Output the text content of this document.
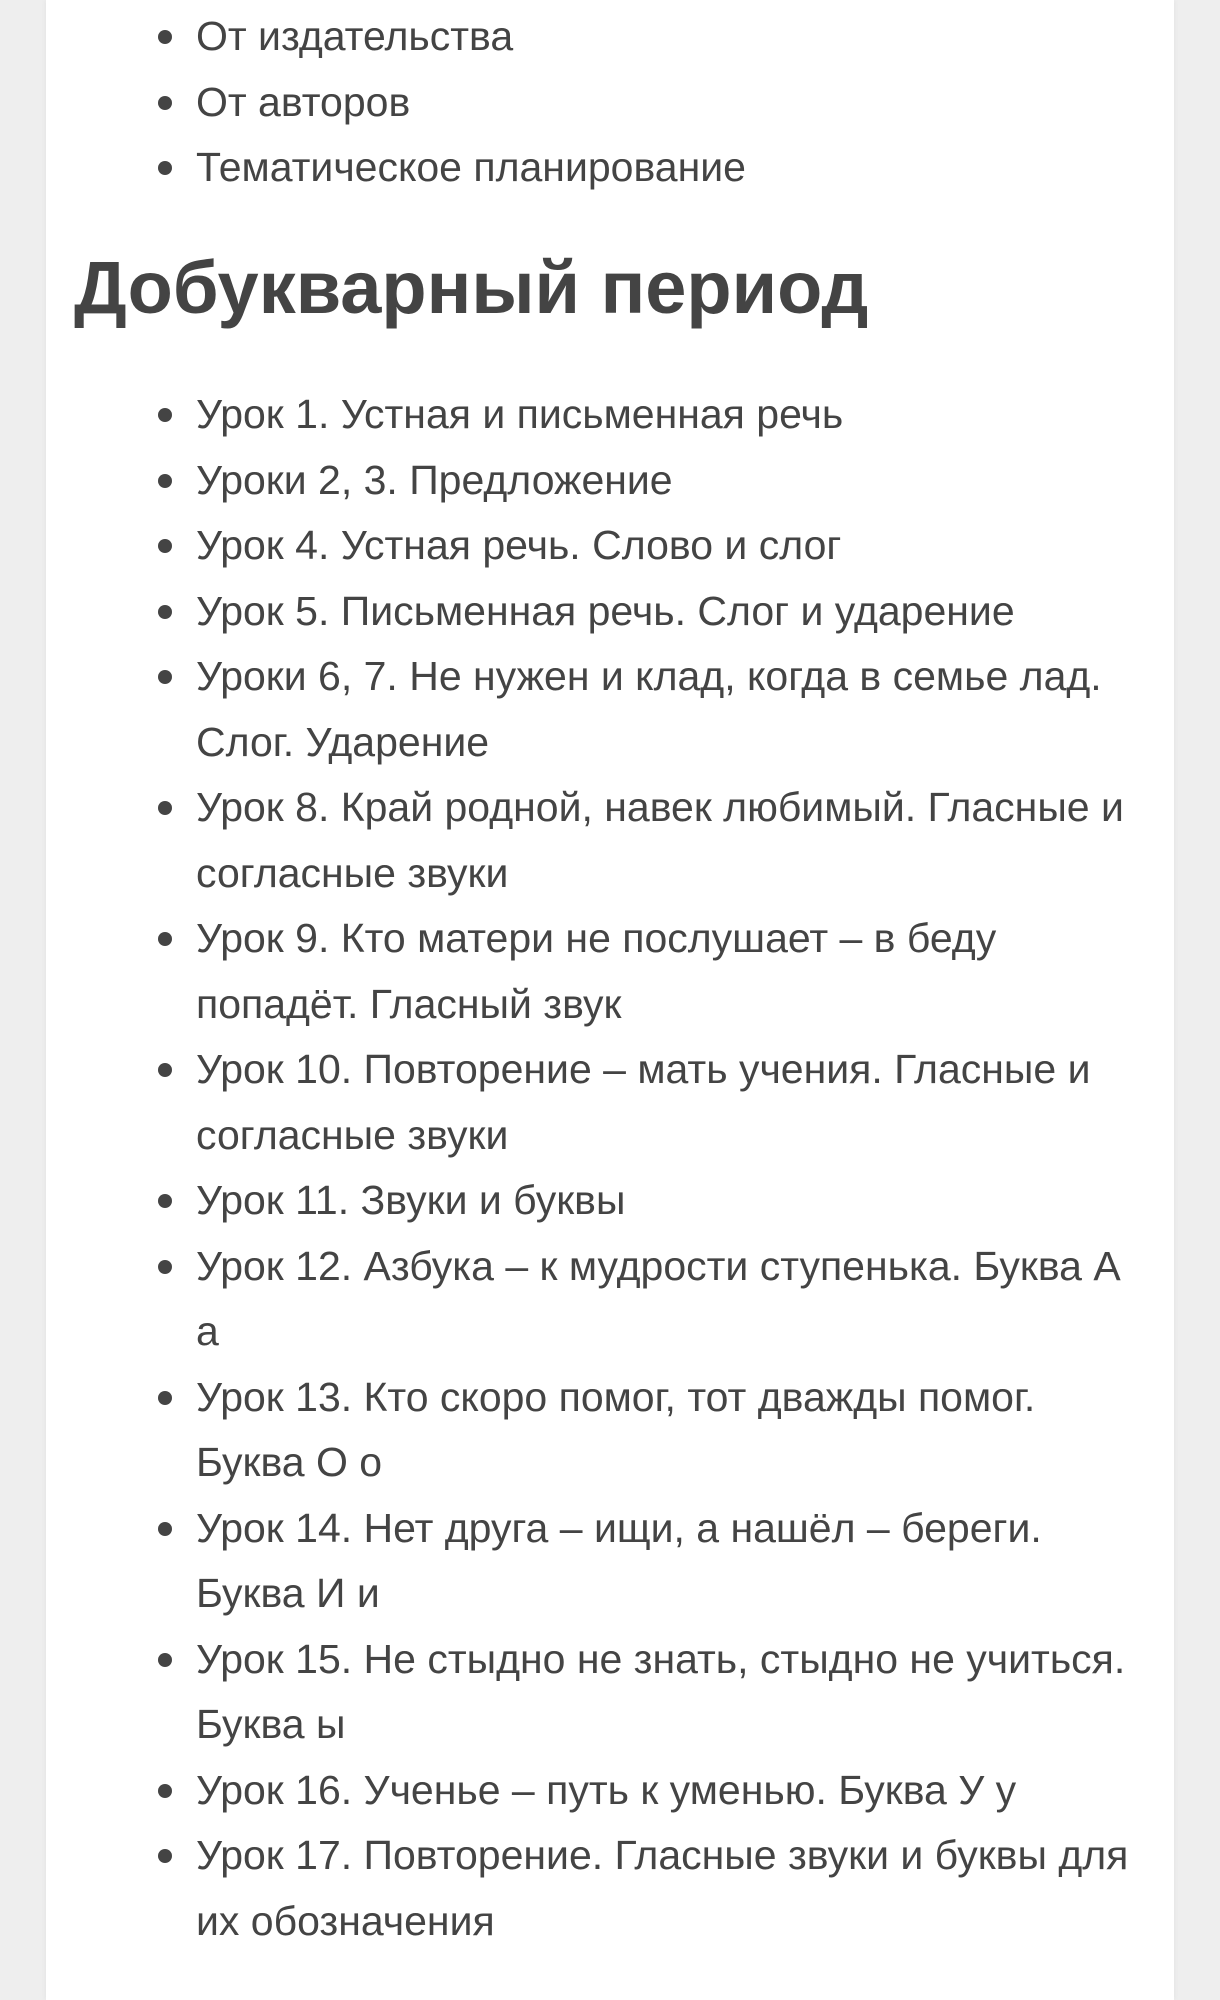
От издательства
От авторов
Тематическое планирование
Добукварный период
Урок 1. Устная и письменная речь
Уроки 2, 3. Предложение
Урок 4. Устная речь. Слово и слог
Урок 5. Письменная речь. Слог и ударение
Уроки 6, 7. Не нужен и клад, когда в семье лад. Слог. Ударение
Урок 8. Край родной, навек любимый. Гласные и согласные звуки
Урок 9. Кто матери не послушает – в беду попадёт. Гласный звук
Урок 10. Повторение – мать учения. Гласные и согласные звуки
Урок 11. Звуки и буквы
Урок 12. Азбука – к мудрости ступенька. Буква А а
Урок 13. Кто скоро помог, тот дважды помог. Буква О о
Урок 14. Нет друга – ищи, а нашёл – береги. Буква И и
Урок 15. Не стыдно не знать, стыдно не учиться. Буква ы
Урок 16. Ученье – путь к уменью. Буква У у
Урок 17. Повторение. Гласные звуки и буквы для их обозначения
